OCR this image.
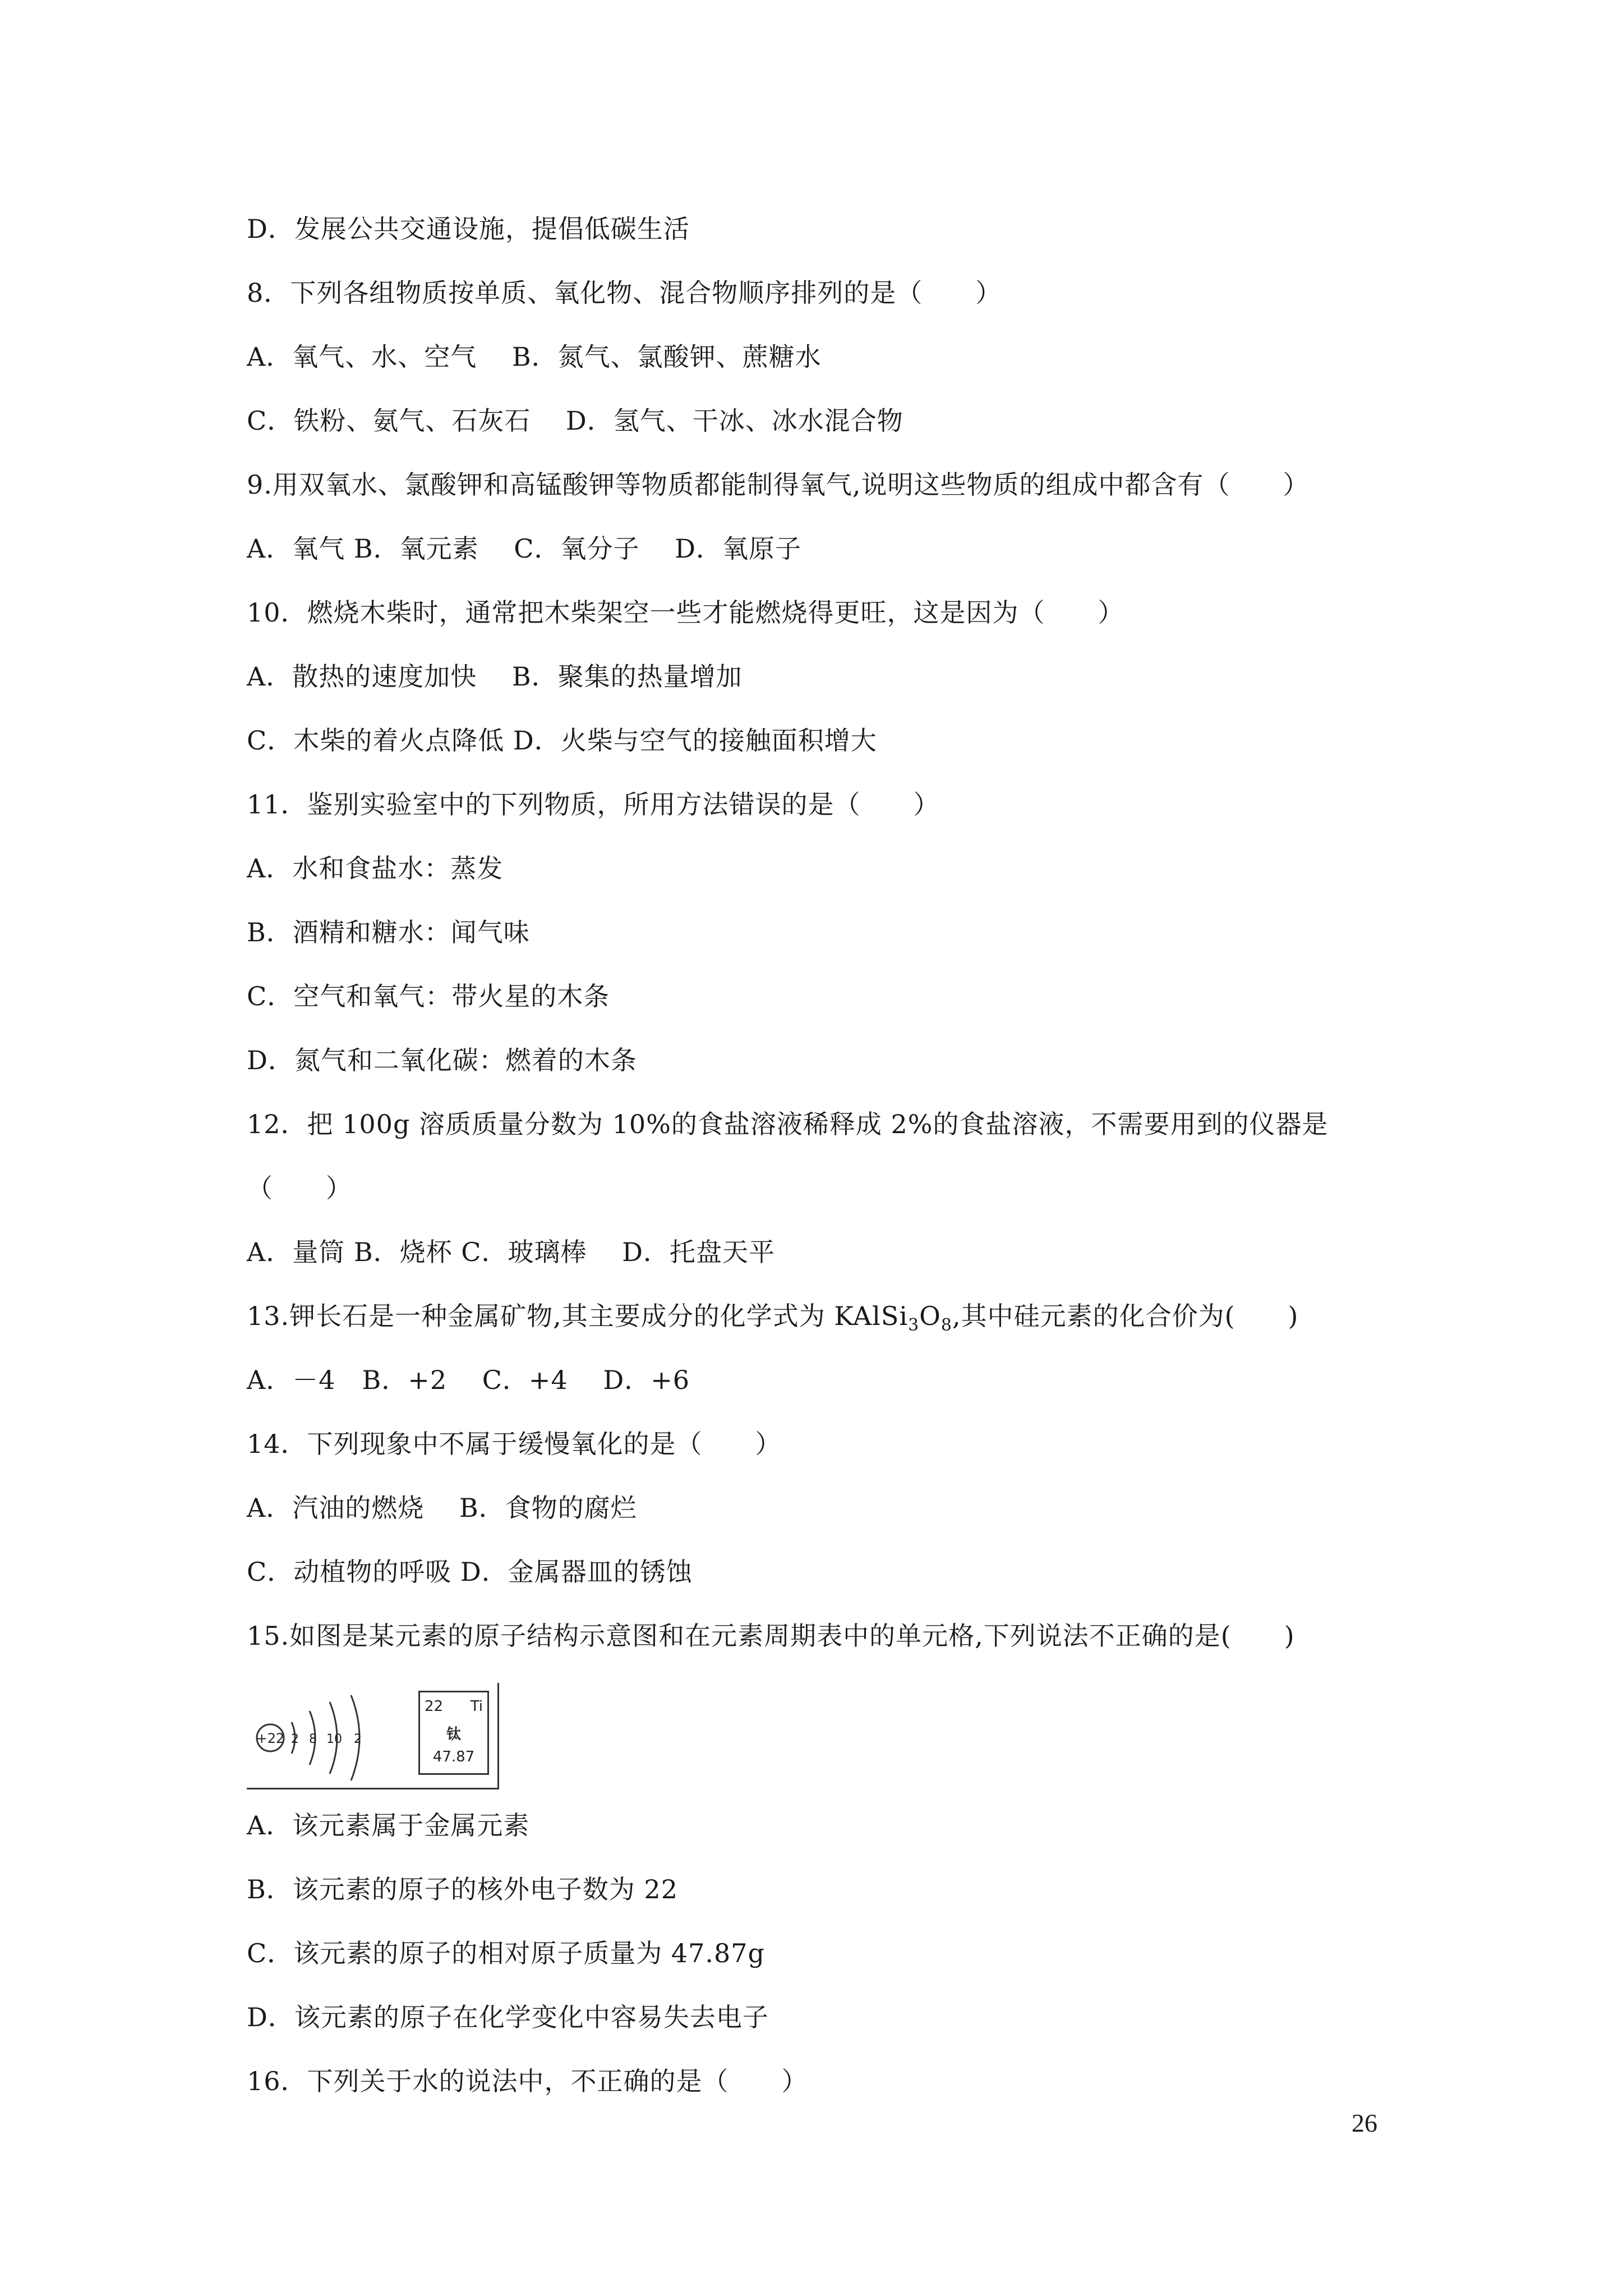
D．发展公共交通设施，提倡低碳生活
8．下列各组物质按单质、氧化物、混合物顺序排列的是（　　）
A．氧气、水、空气　 B．氮气、氯酸钾、蔗糖水
C．铁粉、氨气、石灰石　 D．氢气、干冰、冰水混合物
9.用双氧水、氯酸钾和高锰酸钾等物质都能制得氧气,说明这些物质的组成中都含有（　　）
A．氧气 B．氧元素　 C．氧分子　 D．氧原子
10．燃烧木柴时，通常把木柴架空一些才能燃烧得更旺，这是因为（　　）
A．散热的速度加快　 B．聚集的热量增加
C．木柴的着火点降低 D．火柴与空气的接触面积增大
11．鉴别实验室中的下列物质，所用方法错误的是（　　）
A．水和食盐水：蒸发
B．酒精和糖水：闻气味
C．空气和氧气：带火星的木条
D．氮气和二氧化碳：燃着的木条
12．把 100g 溶质质量分数为 10%的食盐溶液稀释成 2%的食盐溶液，不需要用到的仪器是
（　　）
A．量筒 B．烧杯 C．玻璃棒　 D．托盘天平
13.钾长石是一种金属矿物,其主要成分的化学式为 $KAlSi_3O_8$,其中硅元素的化合价为(　　)
A．－4　B．+2　 C．+4　 D．+6
14．下列现象中不属于缓慢氧化的是（　　）
A．汽油的燃烧　 B．食物的腐烂
C．动植物的呼吸 D．金属器皿的锈蚀
15.如图是某元素的原子结构示意图和在元素周期表中的单元格,下列说法不正确的是(　　)
+22 2 8 10 2
22 Ti
钛
47.87
A．该元素属于金属元素
B．该元素的原子的核外电子数为 22
C．该元素的原子的相对原子质量为 47.87g
D．该元素的原子在化学变化中容易失去电子
16．下列关于水的说法中，不正确的是（　　）
26
